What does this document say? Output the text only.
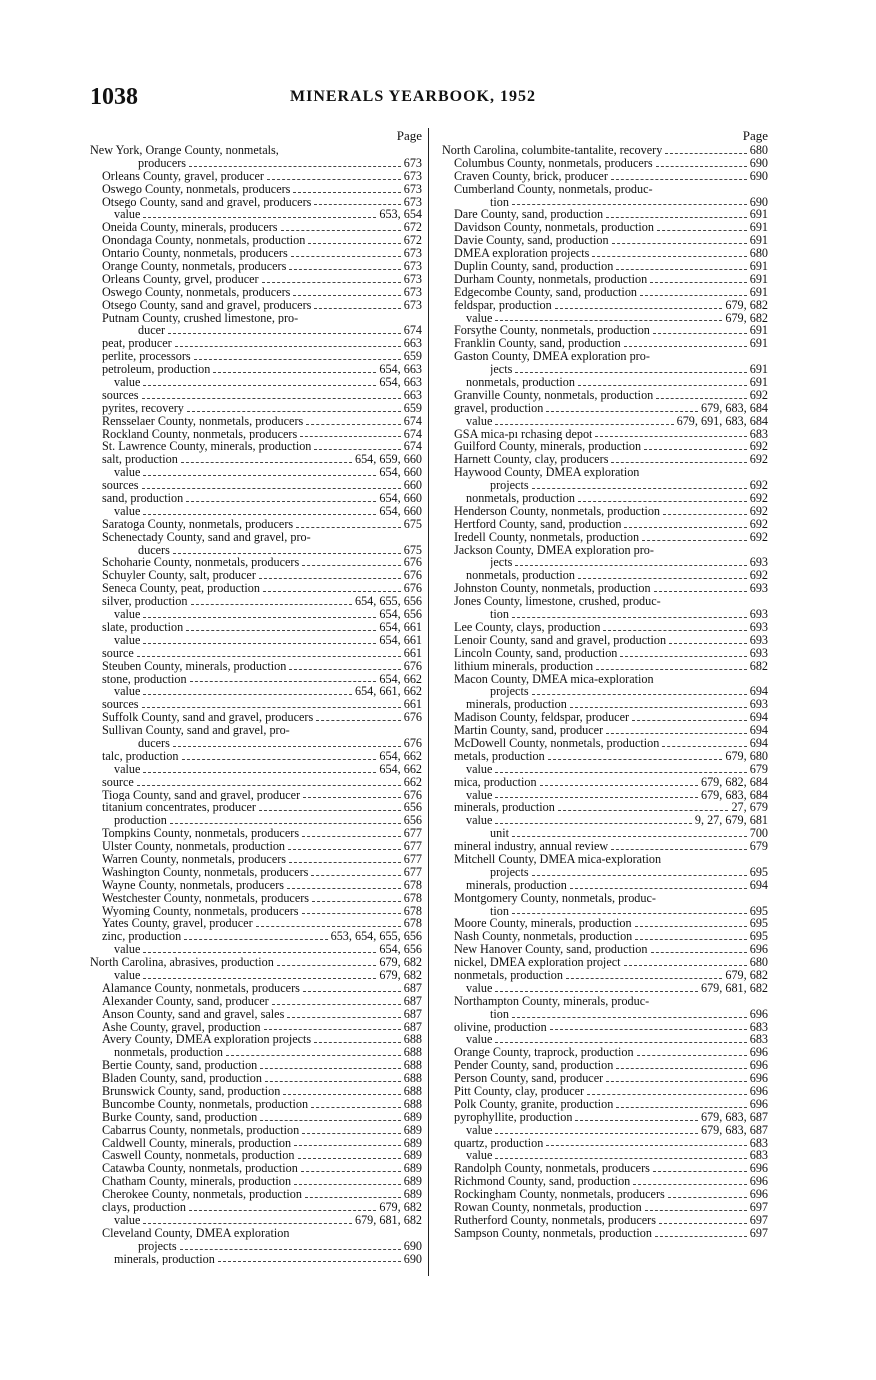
1038	MINERALS YEARBOOK, 1952
Page
New York, Orange County, nonmetals,
producers	673
Orleans County, gravel, producer	673
Oswego County, nonmetals, producers	673
Otsego County, sand and gravel, producers	673
value	653, 654
Oneida County, minerals, producers	672
Onondaga County, nonmetals, production	672
Ontario County, nonmetals, producers	673
Orange County, nonmetals, producers	673
Orleans County, grvel, producer	673
Oswego County, nonmetals, producers	673
Otsego County, sand and gravel, producers	673
Putnam County, crushed limestone, pro-
ducer	674
peat, producer	663
perlite, processors	659
petroleum, production	654, 663
value	654, 663
sources	663
pyrites, recovery	659
Rensselaer County, nonmetals, producers	674
Rockland County, nonmetals, producers	674
St. Lawrence County, minerals, production	674
salt, production	654, 659, 660
value	654, 660
sources	660
sand, production	654, 660
value	654, 660
Saratoga County, nonmetals, producers	675
Schenectady County, sand and gravel, pro-
ducers	675
Schoharie County, nonmetals, producers	676
Schuyler County, salt, producer	676
Seneca County, peat, production	676
silver, production	654, 655, 656
value	654, 656
slate, production	654, 661
value	654, 661
source	661
Steuben County, minerals, production	676
stone, production	654, 662
value	654, 661, 662
sources	661
Suffolk County, sand and gravel, producers	676
Sullivan County, sand and gravel, pro-
ducers	676
talc, production	654, 662
value	654, 662
source	662
Tioga County, sand and gravel, producer	676
titanium concentrates, producer	656
production	656
Tompkins County, nonmetals, producers	677
Ulster County, nonmetals, production	677
Warren County, nonmetals, producers	677
Washington County, nonmetals, producers	677
Wayne County, nonmetals, producers	678
Westchester County, nonmetals, producers	678
Wyoming County, nonmetals, producers	678
Yates County, gravel, producer	678
zinc, production	653, 654, 655, 656
value	654, 656
North Carolina, abrasives, production	679, 682
value	679, 682
Alamance County, nonmetals, producers	687
Alexander County, sand, producer	687
Anson County, sand and gravel, sales	687
Ashe County, gravel, production	687
Avery County, DMEA exploration projects	688
nonmetals, production	688
Bertie County, sand, production	688
Bladen County, sand, production	688
Brunswick County, sand, production	688
Buncombe County, nonmetals, production	688
Burke County, sand, production	689
Cabarrus County, nonmetals, production	689
Caldwell County, minerals, production	689
Caswell County, nonmetals, production	689
Catawba County, nonmetals, production	689
Chatham County, minerals, production	689
Cherokee County, nonmetals, production	689
clays, production	679, 682
value	679, 681, 682
Cleveland County, DMEA exploration
projects	690
minerals, production	690
Page
North Carolina, columbite-tantalite, recovery	680
Columbus County, nonmetals, producers	690
Craven County, brick, producer	690
Cumberland County, nonmetals, produc-
tion	690
Dare County, sand, production	691
Davidson County, nonmetals, production	691
Davie County, sand, production	691
DMEA exploration projects	680
Duplin County, sand, production	691
Durham County, nonmetals, production	691
Edgecombe County, sand, production	691
feldspar, production	679, 682
value	679, 682
Forsythe County, nonmetals, production	691
Franklin County, sand, production	691
Gaston County, DMEA exploration pro-
jects	691
nonmetals, production	691
Granville County, nonmetals, production	692
gravel, production	679, 683, 684
value	679, 691, 683, 684
GSA mica-pı rchasing depot	683
Guilford County, minerals, production	692
Harnett County, clay, producers	692
Haywood County, DMEA exploration
projects	692
nonmetals, production	692
Henderson County, nonmetals, production	692
Hertford County, sand, production	692
Iredell County, nonmetals, production	692
Jackson County, DMEA exploration pro-
jects	693
nonmetals, production	692
Johnston County, nonmetals, production	693
Jones County, limestone, crushed, produc-
tion	693
Lee County, clays, production	693
Lenoir County, sand and gravel, production	693
Lincoln County, sand, production	693
lithium minerals, production	682
Macon County, DMEA mica-exploration
projects	694
minerals, production	693
Madison County, feldspar, producer	694
Martin County, sand, producer	694
McDowell County, nonmetals, production	694
metals, production	679, 680
value	679
mica, production	679, 682, 684
value	679, 683, 684
minerals, production	27, 679
value	9, 27, 679, 681
unit	700
mineral industry, annual review	679
Mitchell County, DMEA mica-exploration
projects	695
minerals, production	694
Montgomery County, nonmetals, produc-
tion	695
Moore County, minerals, production	695
Nash County, nonmetals, production	695
New Hanover County, sand, production	696
nickel, DMEA exploration project	680
nonmetals, production	679, 682
value	679, 681, 682
Northampton County, minerals, produc-
tion	696
olivine, production	683
value	683
Orange County, traprock, production	696
Pender County, sand, production	696
Person County, sand, producer	696
Pitt County, clay, producer	696
Polk County, granite, production	696
pyrophyllite, production	679, 683, 687
value	679, 683, 687
quartz, production	683
value	683
Randolph County, nonmetals, producers	696
Richmond County, sand, production	696
Rockingham County, nonmetals, producers	696
Rowan County, nonmetals, production	697
Rutherford County, nonmetals, producers	697
Sampson County, nonmetals, production	697
